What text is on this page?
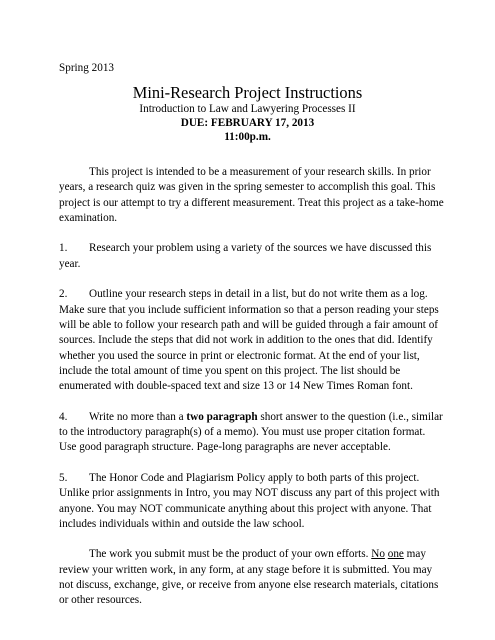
Spring 2013
Mini-Research Project Instructions
Introduction to Law and Lawyering Processes II
DUE: FEBRUARY 17, 2013
11:00p.m.

This project is intended to be a measurement of your research skills. In prior years, a research quiz was given in the spring semester to accomplish this goal. This project is our attempt to try a different measurement. Treat this project as a take-home examination.

1. Research your problem using a variety of the sources we have discussed this year.

2. Outline your research steps in detail in a list, but do not write them as a log. Make sure that you include sufficient information so that a person reading your steps will be able to follow your research path and will be guided through a fair amount of sources. Include the steps that did not work in addition to the ones that did. Identify whether you used the source in print or electronic format. At the end of your list, include the total amount of time you spent on this project. The list should be enumerated with double-spaced text and size 13 or 14 New Times Roman font.

4. Write no more than a two paragraph short answer to the question (i.e., similar to the introductory paragraph(s) of a memo). You must use proper citation format. Use good paragraph structure. Page-long paragraphs are never acceptable.

5. The Honor Code and Plagiarism Policy apply to both parts of this project. Unlike prior assignments in Intro, you may NOT discuss any part of this project with anyone. You may NOT communicate anything about this project with anyone. That includes individuals within and outside the law school.

The work you submit must be the product of your own efforts. No one may review your written work, in any form, at any stage before it is submitted. You may not discuss, exchange, give, or receive from anyone else research materials, citations or other resources.
